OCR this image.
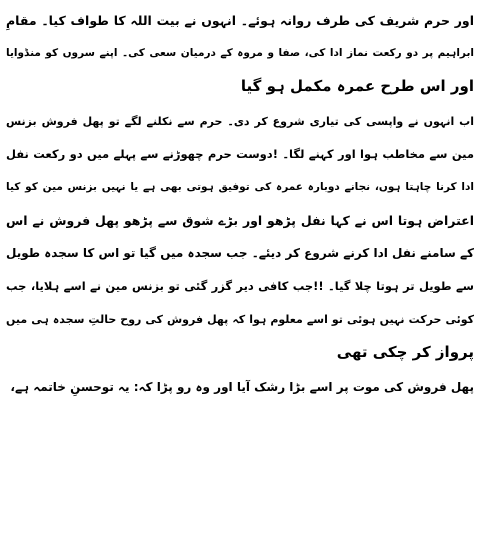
اور حرم شریف کی طرف روانہ ہوئے۔ انہوں نے بیت اللہ کا طواف کیا۔ مقامِ
ابراہیم پر دو رکعت نماز ادا کی، صفا و مروہ کے درمیان سعی کی۔ اپنے سروں کو منڈوایا
اور اس طرح عمرہ مکمل ہو گیا
اب انہوں نے واپسی کی تیاری شروع کر دی۔ حرم سے نکلنے لگے تو پھل فروش بزنس
مین سے مخاطب ہوا اور کہنے لگا۔ !دوست حرم چھوڑنے سے پہلے میں دو رکعت نفل
ادا کرنا چاہتا ہوں، نجانے دوبارہ عمرہ کی توفیق ہوتی بھی ہے یا نہیں بزنس مین کو کیا
اعتراض ہوتا اس نے کہا نفل پڑھو اور بڑے شوق سے پڑھو پھل فروش نے اس
کے سامنے نفل ادا کرنے شروع کر دیئے۔ جب سجدہ میں گیا تو اس کا سجدہ طویل
سے طویل تر ہوتا چلا گیا۔ !!جب کافی دیر گزر گئی تو بزنس مین نے اسے ہلایا، جب
کوئی حرکت نہیں ہوئی تو اسے معلوم ہوا کہ پھل فروش کی روح حالتِ سجدہ ہی میں
پرواز کر چکی تھی
پھل فروش کی موت پر اسے بڑا رشک آیا اور وہ رو پڑا کہ: یہ توحسنِ خاتمہ ہے،
